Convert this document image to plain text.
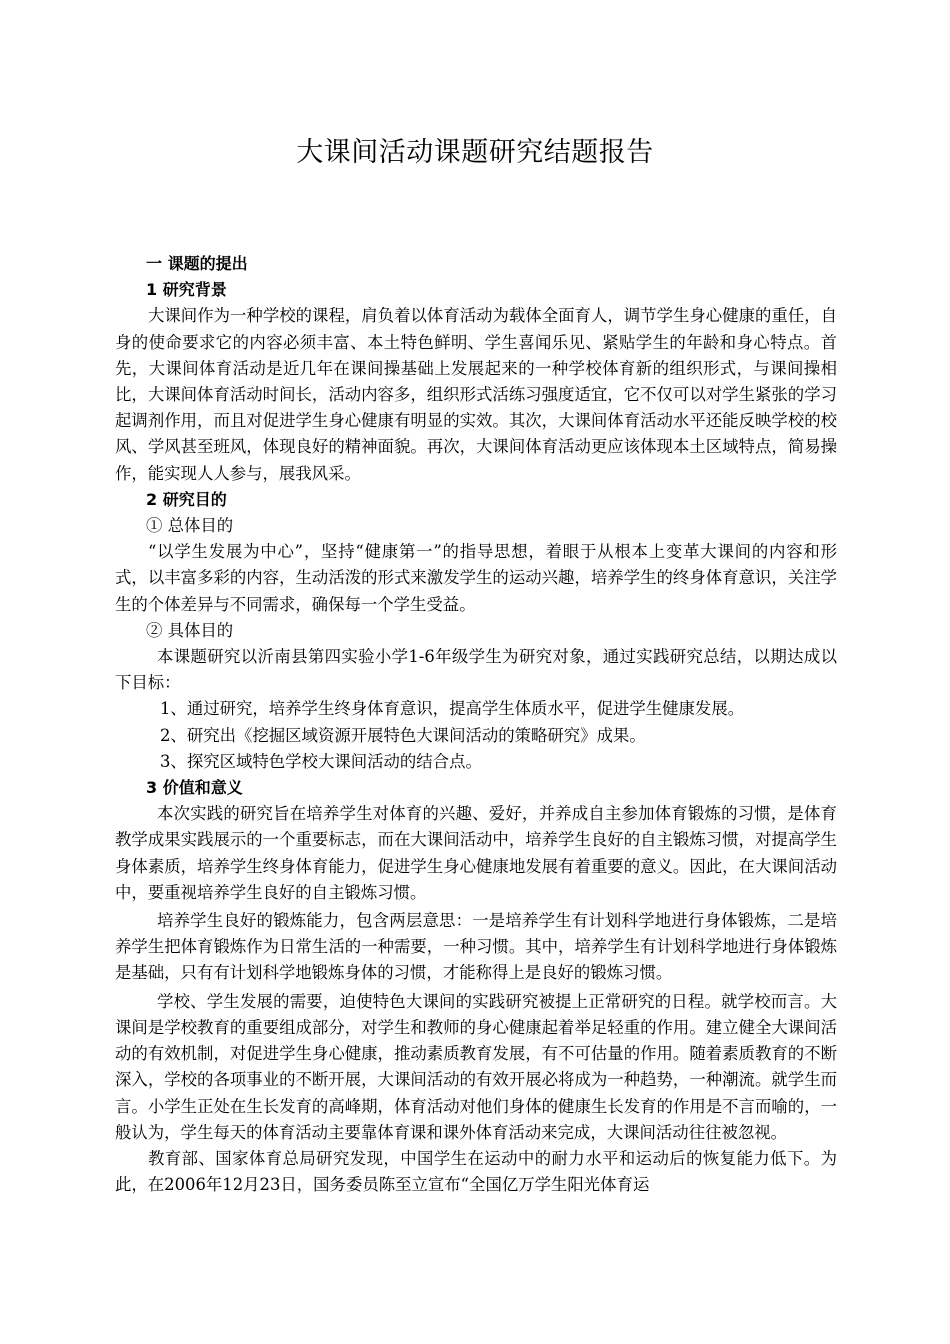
大课间活动课题研究结题报告

一 课题的提出

1 研究背景

大课间作为一种学校的课程，肩负着以体育活动为载体全面育人，调节学生身心健康的重任，自身的使命要求它的内容必须丰富、本土特色鲜明、学生喜闻乐见、紧贴学生的年龄和身心特点。首先，大课间体育活动是近几年在课间操基础上发展起来的一种学校体育新的组织形式，与课间操相比，大课间体育活动时间长，活动内容多，组织形式活练习强度适宜，它不仅可以对学生紧张的学习起调剂作用，而且对促进学生身心健康有明显的实效。其次，大课间体育活动水平还能反映学校的校风、学风甚至班风，体现良好的精神面貌。再次，大课间体育活动更应该体现本土区域特点，简易操作，能实现人人参与，展我风采。

2 研究目的

① 总体目的

“以学生发展为中心”，坚持“健康第一”的指导思想，着眼于从根本上变革大课间的内容和形式，以丰富多彩的内容，生动活泼的形式来激发学生的运动兴趣，培养学生的终身体育意识，关注学生的个体差异与不同需求，确保每一个学生受益。

② 具体目的

本课题研究以沂南县第四实验小学1-6年级学生为研究对象，通过实践研究总结，以期达成以下目标：

1、通过研究，培养学生终身体育意识，提高学生体质水平，促进学生健康发展。

2、研究出《挖掘区域资源开展特色大课间活动的策略研究》成果。

3、探究区域特色学校大课间活动的结合点。

3 价值和意义

本次实践的研究旨在培养学生对体育的兴趣、爱好，并养成自主参加体育锻炼的习惯，是体育教学成果实践展示的一个重要标志，而在大课间活动中，培养学生良好的自主锻炼习惯，对提高学生身体素质，培养学生终身体育能力，促进学生身心健康地发展有着重要的意义。因此，在大课间活动中，要重视培养学生良好的自主锻炼习惯。

培养学生良好的锻炼能力，包含两层意思：一是培养学生有计划科学地进行身体锻炼，二是培养学生把体育锻炼作为日常生活的一种需要，一种习惯。其中，培养学生有计划科学地进行身体锻炼是基础，只有有计划科学地锻炼身体的习惯，才能称得上是良好的锻炼习惯。

学校、学生发展的需要，迫使特色大课间的实践研究被提上正常研究的日程。就学校而言。大课间是学校教育的重要组成部分，对学生和教师的身心健康起着举足轻重的作用。建立健全大课间活动的有效机制，对促进学生身心健康，推动素质教育发展，有不可估量的作用。随着素质教育的不断深入，学校的各项事业的不断开展，大课间活动的有效开展必将成为一种趋势，一种潮流。就学生而言。小学生正处在生长发育的高峰期，体育活动对他们身体的健康生长发育的作用是不言而喻的，一般认为，学生每天的体育活动主要靠体育课和课外体育活动来完成，大课间活动往往被忽视。

教育部、国家体育总局研究发现，中国学生在运动中的耐力水平和运动后的恢复能力低下。为此，在2006年12月23日，国务委员陈至立宣布“全国亿万学生阳光体育运
